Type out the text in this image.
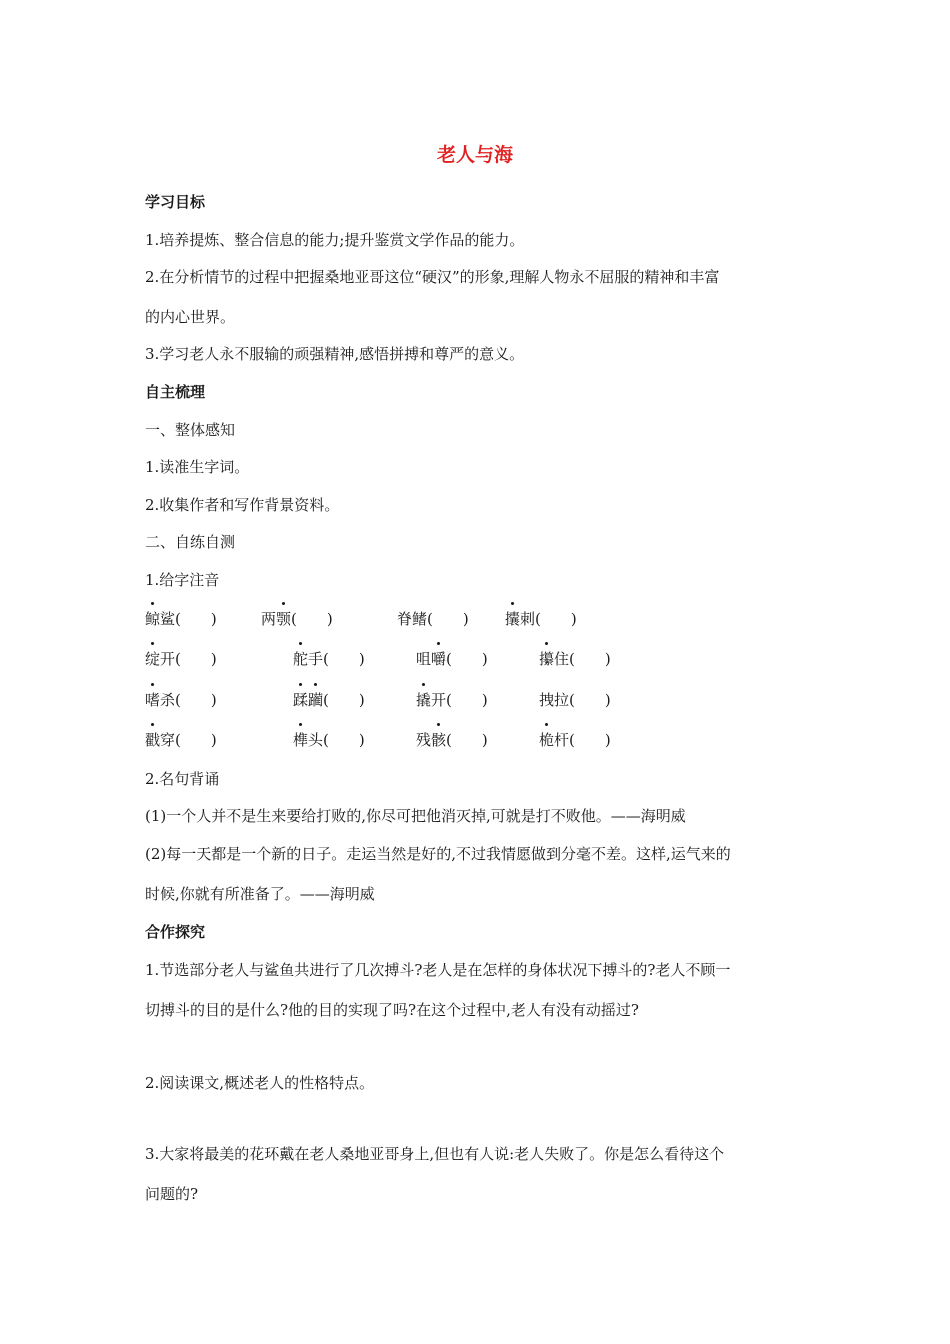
老人与海
学习目标
1.培养提炼、整合信息的能力;提升鉴赏文学作品的能力。
2.在分析情节的过程中把握桑地亚哥这位“硬汉”的形象,理解人物永不屈服的精神和丰富
的内心世界。
3.学习老人永不服输的顽强精神,感悟拼搏和尊严的意义。
自主梳理
一、整体感知
1.读准生字词。
2.收集作者和写作背景资料。
二、自练自测
1.给字注音
鲸鲨(　　 )	两颚(　　 )	脊鳍(　　 ) 攮刺(　　 )
绽开(　　 )	舵手(　　 )	咀嚼(　　 )	攥住(　　 )
嗜杀(　　 )	蹂躏(　　 )	撬开(　　 )	拽拉(　　 )
戳穿(　　 )	榫头(　　 )	残骸(　　 )	桅杆(　　 )
2.名句背诵
(1)一个人并不是生来要给打败的,你尽可把他消灭掉,可就是打不败他。——海明威
(2)每一天都是一个新的日子。走运当然是好的,不过我情愿做到分毫不差。这样,运气来的
时候,你就有所准备了。——海明威
合作探究
1.节选部分老人与鲨鱼共进行了几次搏斗?老人是在怎样的身体状况下搏斗的?老人不顾一
切搏斗的目的是什么?他的目的实现了吗?在这个过程中,老人有没有动摇过?
2.阅读课文,概述老人的性格特点。
3.大家将最美的花环戴在老人桑地亚哥身上,但也有人说:老人失败了。你是怎么看待这个
问题的?
